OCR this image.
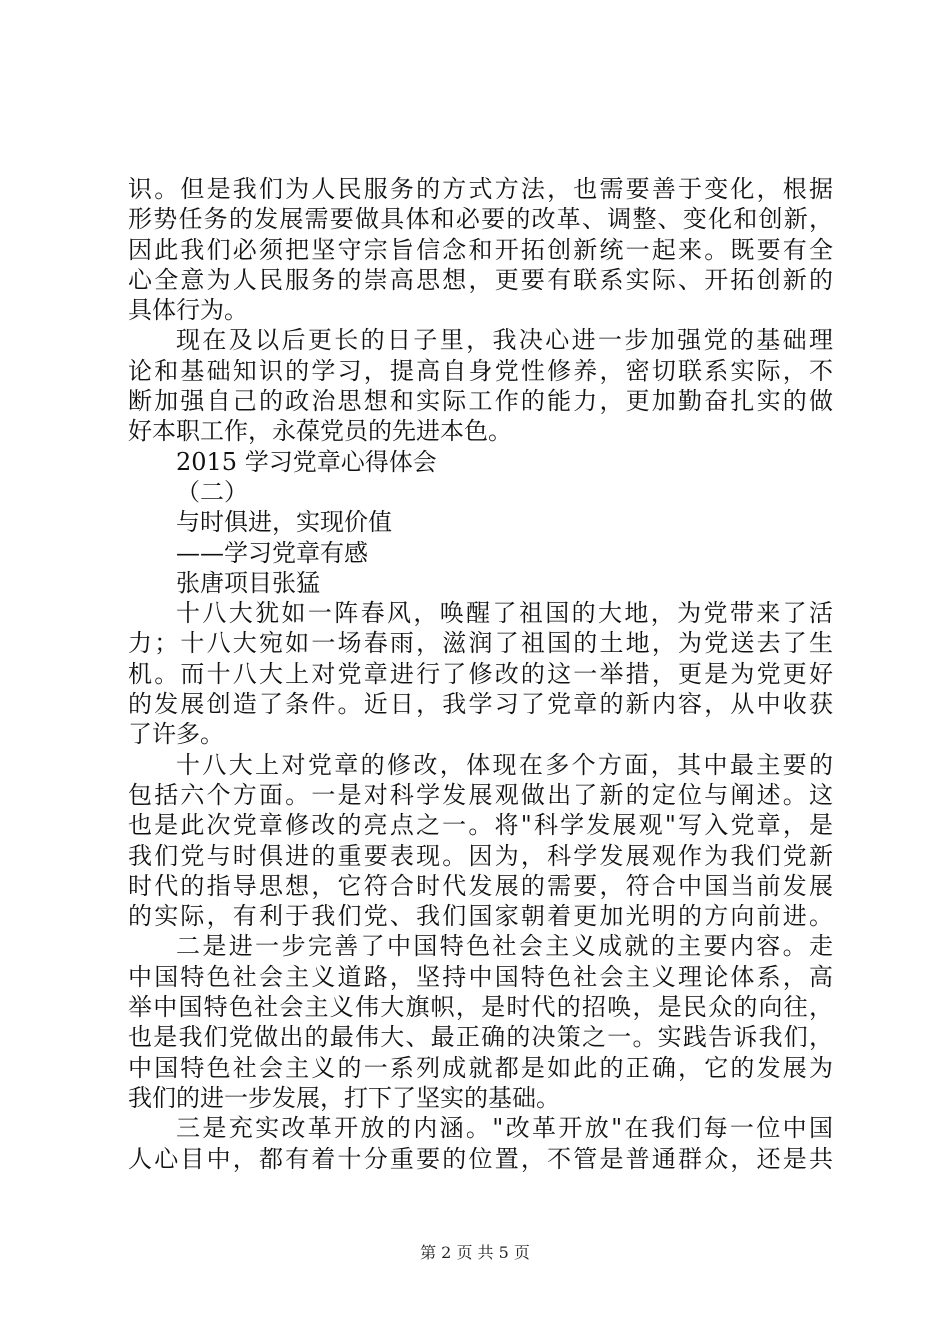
识。但是我们为人民服务的方式方法，也需要善于变化，根据
形势任务的发展需要做具体和必要的改革、调整、变化和创新，
因此我们必须把坚守宗旨信念和开拓创新统一起来。既要有全
心全意为人民服务的崇高思想，更要有联系实际、开拓创新的
具体行为。
现在及以后更长的日子里，我决心进一步加强党的基础理
论和基础知识的学习，提高自身党性修养，密切联系实际，不
断加强自己的政治思想和实际工作的能力，更加勤奋扎实的做
好本职工作，永葆党员的先进本色。
2015 学习党章心得体会
（二）
与时俱进，实现价值
——学习党章有感
张唐项目张猛
十八大犹如一阵春风，唤醒了祖国的大地，为党带来了活
力；十八大宛如一场春雨，滋润了祖国的土地，为党送去了生
机。而十八大上对党章进行了修改的这一举措，更是为党更好
的发展创造了条件。近日，我学习了党章的新内容，从中收获
了许多。
十八大上对党章的修改，体现在多个方面，其中最主要的
包括六个方面。一是对科学发展观做出了新的定位与阐述。这
也是此次党章修改的亮点之一。将"科学发展观"写入党章，是
我们党与时俱进的重要表现。因为，科学发展观作为我们党新
时代的指导思想，它符合时代发展的需要，符合中国当前发展
的实际，有利于我们党、我们国家朝着更加光明的方向前进。
二是进一步完善了中国特色社会主义成就的主要内容。走
中国特色社会主义道路，坚持中国特色社会主义理论体系，高
举中国特色社会主义伟大旗帜，是时代的招唤，是民众的向往，
也是我们党做出的最伟大、最正确的决策之一。实践告诉我们，
中国特色社会主义的一系列成就都是如此的正确，它的发展为
我们的进一步发展，打下了坚实的基础。
三是充实改革开放的内涵。"改革开放"在我们每一位中国
人心目中，都有着十分重要的位置，不管是普通群众，还是共
第 2 页 共 5 页
